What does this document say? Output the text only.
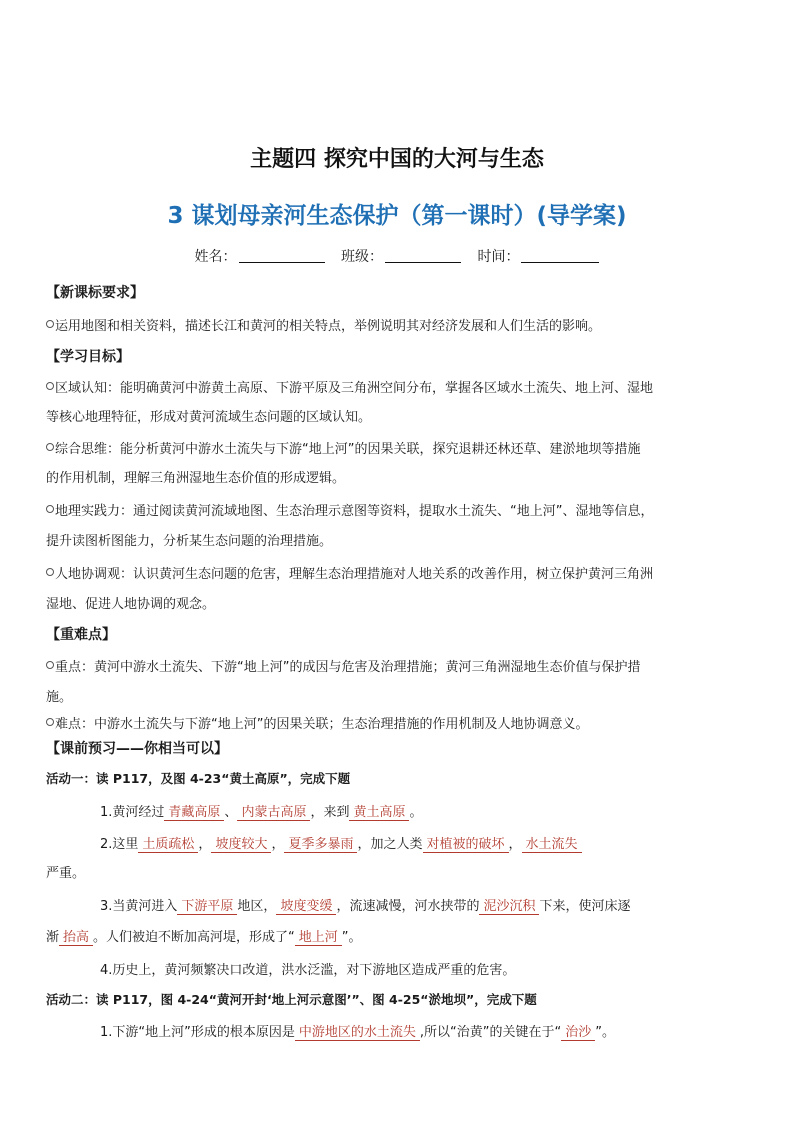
主题四 探究中国的大河与生态
3 谋划母亲河生态保护（第一课时）(导学案)
姓名：	班级：	时间：
【新课标要求】
运用地图和相关资料，描述长江和黄河的相关特点，举例说明其对经济发展和人们生活的影响。
【学习目标】
区域认知：能明确黄河中游黄土高原、下游平原及三角洲空间分布，掌握各区域水土流失、地上河、湿地
等核心地理特征，形成对黄河流域生态问题的区域认知。
综合思维：能分析黄河中游水土流失与下游“地上河”的因果关联，探究退耕还林还草、建淤地坝等措施
的作用机制，理解三角洲湿地生态价值的形成逻辑。
地理实践力：通过阅读黄河流域地图、生态治理示意图等资料，提取水土流失、“地上河”、湿地等信息，
提升读图析图能力，分析某生态问题的治理措施。
人地协调观：认识黄河生态问题的危害，理解生态治理措施对人地关系的改善作用，树立保护黄河三角洲
湿地、促进人地协调的观念。
【重难点】
重点：黄河中游水土流失、下游“地上河”的成因与危害及治理措施；黄河三角洲湿地生态价值与保护措
施。
难点：中游水土流失与下游“地上河”的因果关联；生态治理措施的作用机制及人地协调意义。
【课前预习——你相当可以】
活动一：读 P117，及图 4-23“黄土高原”，完成下题
1.黄河经过 青藏高原 、 内蒙古高原 ，来到 黄土高原 。
2.这里 土质疏松 ， 坡度较大 ， 夏季多暴雨 ，加之人类 对植被的破坏 ， 水土流失
严重。
3.当黄河进入 下游平原 地区， 坡度变缓 ，流速减慢，河水挟带的 泥沙沉积 下来，使河床逐
渐 抬高 。人们被迫不断加高河堤，形成了“ 地上河 ”。
4.历史上，黄河频繁决口改道，洪水泛滥，对下游地区造成严重的危害。
活动二：读 P117，图 4-24“黄河开封‘地上河示意图’”、图 4-25“淤地坝”，完成下题
1.下游“地上河”形成的根本原因是 中游地区的水土流失 ,所以“治黄”的关键在于“ 治沙 ”。
